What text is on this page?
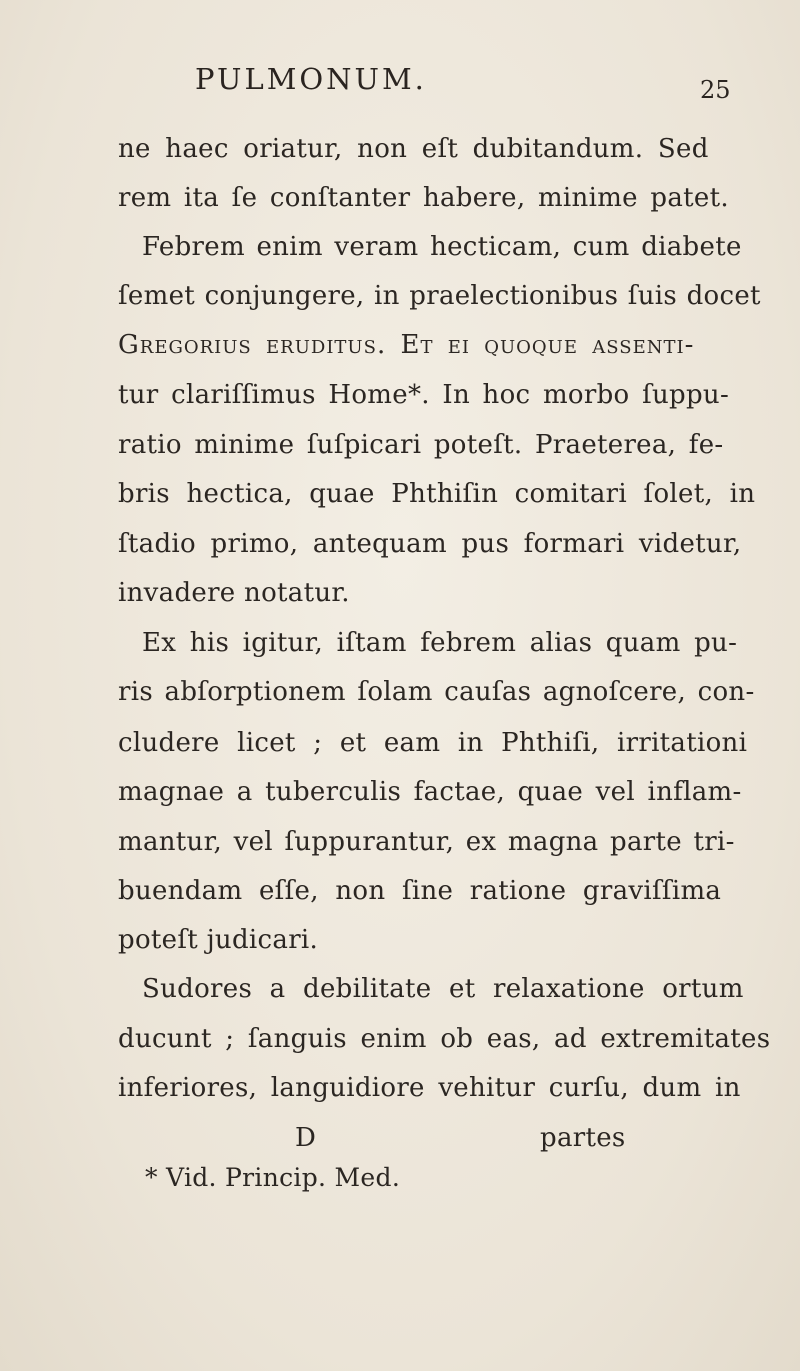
PULMONUM.	25
ne haec oriatur, non eſt dubitandum. Sed
rem ita ſe conſtanter habere, minime patet.
Febrem enim veram hecticam, cum diabete
ſemet conjungere, in praelectionibus ſuis docet
Gregorius eruditus. Et ei quoque aſſenti-
tur clariſſimus Home*. In hoc morbo ſuppu-
ratio minime ſuſpicari poteſt. Praeterea, fe-
bris hectica, quae Phthiſin comitari ſolet, in
ſtadio primo, antequam pus formari videtur,
invadere notatur.
Ex his igitur, iſtam febrem alias quam pu-
ris abſorptionem ſolam cauſas agnoſcere, con-
cludere licet ; et eam in Phthiſi, irritationi
magnae a tuberculis factae, quae vel inflam-
mantur, vel ſuppurantur, ex magna parte tri-
buendam eſſe, non ſine ratione graviſſima
poteſt judicari.
Sudores a debilitate et relaxatione ortum
ducunt ; ſanguis enim ob eas, ad extremitates
inferiores, languidiore vehitur curſu, dum in
D	partes
* Vid. Princip. Med.
